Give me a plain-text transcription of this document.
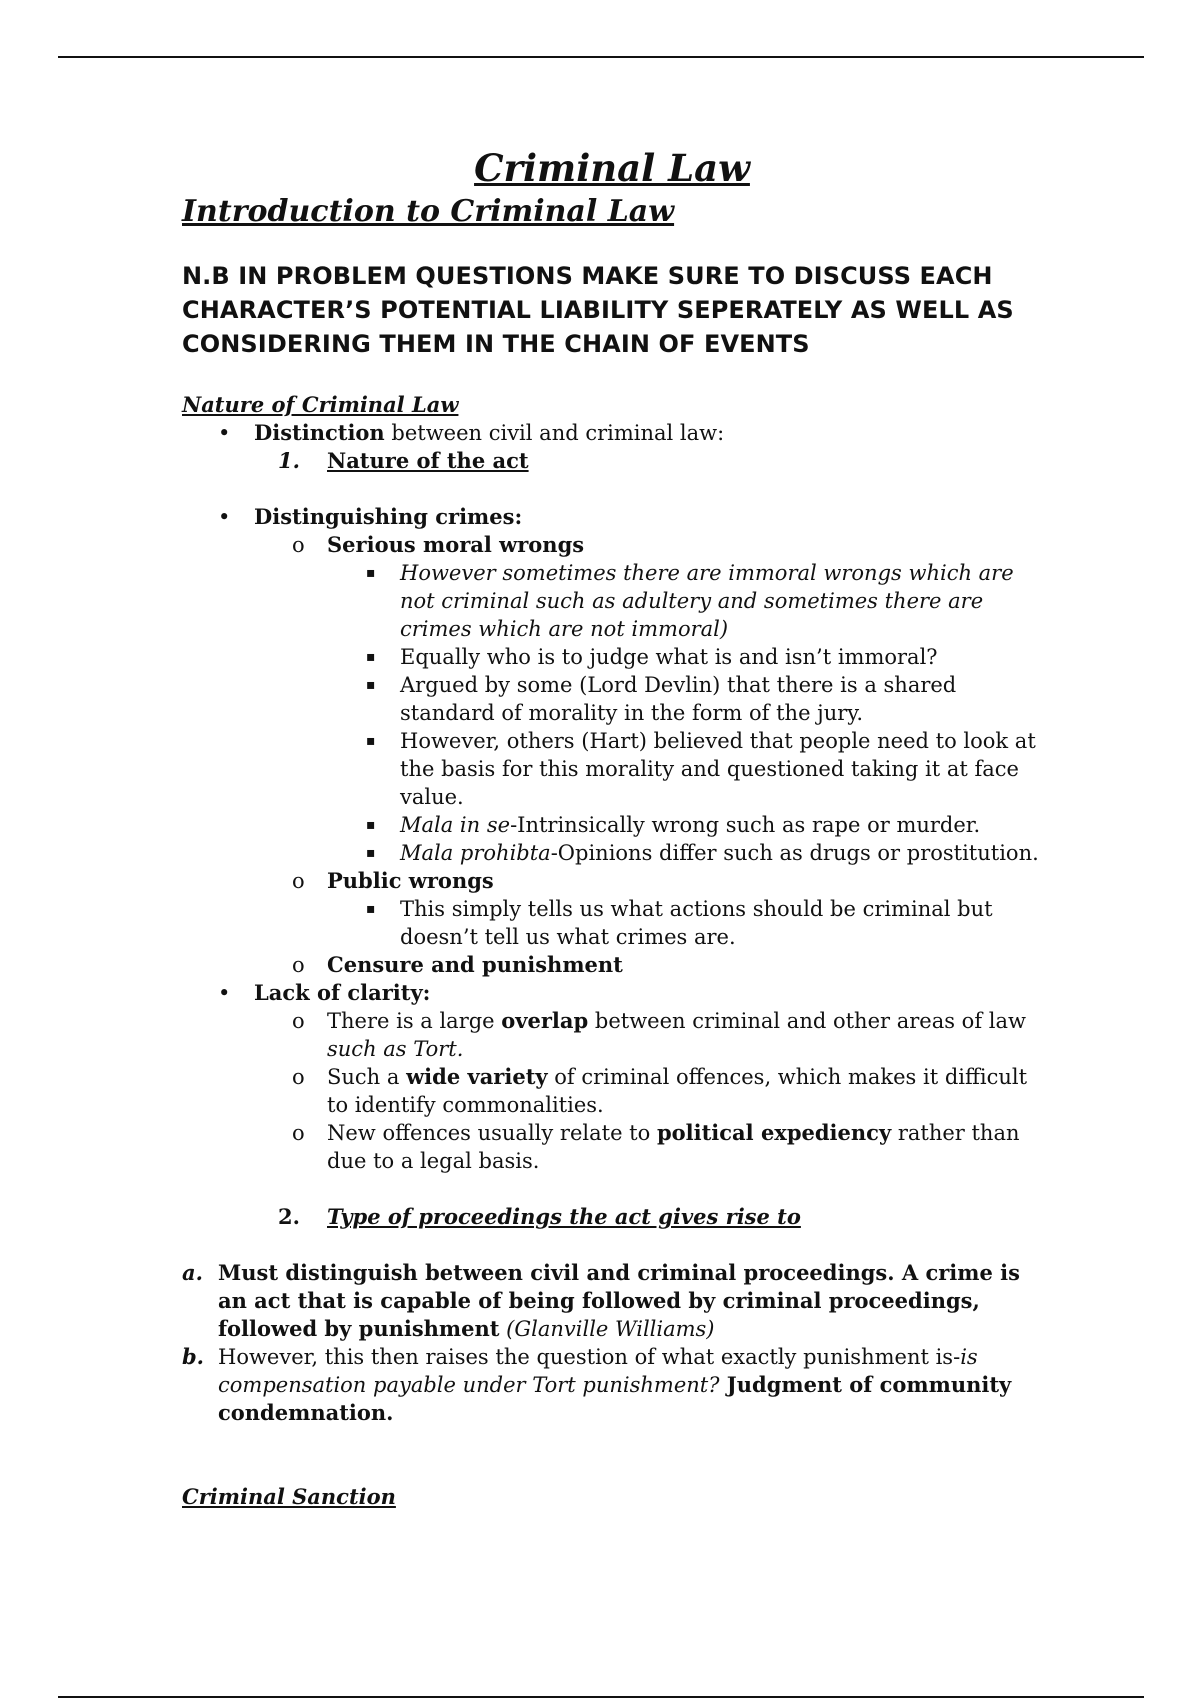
Criminal Law
Introduction to Criminal Law
N.B IN PROBLEM QUESTIONS MAKE SURE TO DISCUSS EACH
CHARACTER’S POTENTIAL LIABILITY SEPERATELY AS WELL AS
CONSIDERING THEM IN THE CHAIN OF EVENTS
Nature of Criminal Law
• Distinction between civil and criminal law:
1. Nature of the act
• Distinguishing crimes:
o Serious moral wrongs
▪ However sometimes there are immoral wrongs which are not criminal such as adultery and sometimes there are crimes which are not immoral)
▪ Equally who is to judge what is and isn’t immoral?
▪ Argued by some (Lord Devlin) that there is a shared standard of morality in the form of the jury.
▪ However, others (Hart) believed that people need to look at the basis for this morality and questioned taking it at face value.
▪ Mala in se-Intrinsically wrong such as rape or murder.
▪ Mala prohibta-Opinions differ such as drugs or prostitution.
o Public wrongs
▪ This simply tells us what actions should be criminal but doesn’t tell us what crimes are.
o Censure and punishment
• Lack of clarity:
o There is a large overlap between criminal and other areas of law such as Tort.
o Such a wide variety of criminal offences, which makes it difficult to identify commonalities.
o New offences usually relate to political expediency rather than due to a legal basis.
2. Type of proceedings the act gives rise to
a. Must distinguish between civil and criminal proceedings. A crime is an act that is capable of being followed by criminal proceedings, followed by punishment (Glanville Williams)
b. However, this then raises the question of what exactly punishment is-is compensation payable under Tort punishment? Judgment of community condemnation.
Criminal Sanction
